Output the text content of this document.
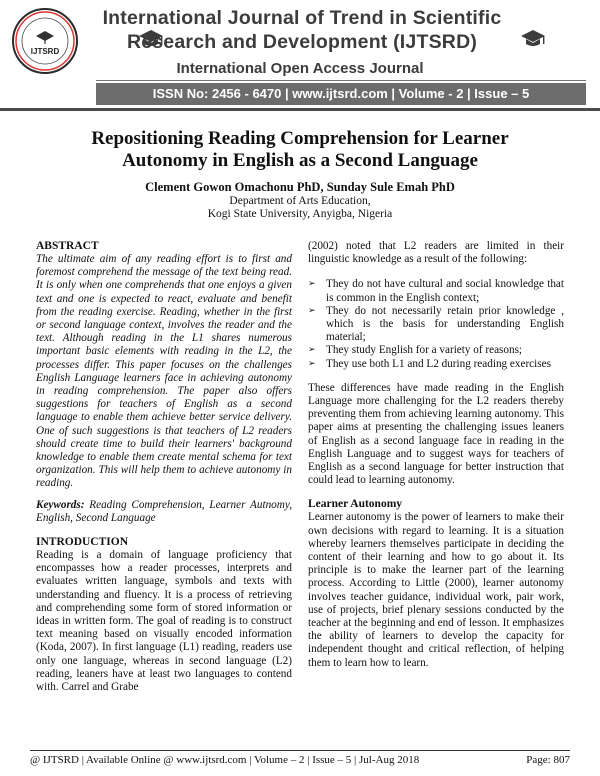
IJTSRD
International Journal of Trend in Scientific
Research and Development (IJTSRD)
International Open Access Journal
ISSN No: 2456 - 6470 | www.ijtsrd.com | Volume - 2 | Issue – 5
Repositioning Reading Comprehension for Learner
Autonomy in English as a Second Language
Clement Gowon Omachonu PhD, Sunday Sule Emah PhD
Department of Arts Education,
Kogi State University, Anyigba, Nigeria

ABSTRACT

The ultimate aim of any reading effort is to first and foremost comprehend the message of the text being read. It is only when one comprehends that one enjoys a given text and one is expected to react, evaluate and benefit from the reading exercise. Reading, whether in the first or second language context, involves the reader and the text. Although reading in the L1 shares numerous important basic elements with reading in the L2, the processes differ. This paper focuses on the challenges English Language learners face in achieving autonomy in reading comprehension. The paper also offers suggestions for teachers of English as a second language to enable them achieve better service delivery. One of such suggestions is that teachers of L2 readers should create time to build their learners' background knowledge to enable them create mental schema for text organization. This will help them to achieve autonomy in reading.

Keywords: Reading Comprehension, Learner Autnomy, English, Second Language

INTRODUCTION

Reading is a domain of language proficiency that encompasses how a reader processes, interprets and evaluates written language, symbols and texts with understanding and fluency. It is a process of retrieving and comprehending some form of stored information or ideas in written form. The goal of reading is to construct text meaning based on visually encoded information (Koda, 2007). In first language (L1) reading, readers use only one language, whereas in second language (L2) reading, leaners have at least two languages to contend with. Carrel and Grabe

(2002) noted that L2 readers are limited in their linguistic knowledge as a result of the following:

➢ They do not have cultural and social knowledge that is common in the English context;
➢ They do not necessarily retain prior knowledge , which is the basis for understanding English material;
➢ They study English for a variety of reasons;
➢ They use both L1 and L2 during reading exercises

These differences have made reading in the English Language more challenging for the L2 readers thereby preventing them from achieving learning autonomy. This paper aims at presenting the challenging issues leaners of English as a second language face in reading in the English Language and to suggest ways for teachers of English as a second language for better instruction that could lead to learning autonomy.

Learner Autonomy

Learner autonomy is the power of learners to make their own decisions with regard to learning. It is a situation whereby learners themselves participate in deciding the content of their learning and how to go about it. Its principle is to make the learner part of the learning process. According to Little (2000), learner autonomy involves teacher guidance, individual work, pair work, use of projects, brief plenary sessions conducted by the teacher at the beginning and end of lesson. It emphasizes the ability of learners to develop the capacity for independent thought and critical reflection, of helping them to learn how to learn.

@ IJTSRD | Available Online @ www.ijtsrd.com | Volume – 2 | Issue – 5 | Jul-Aug 2018	Page: 807
